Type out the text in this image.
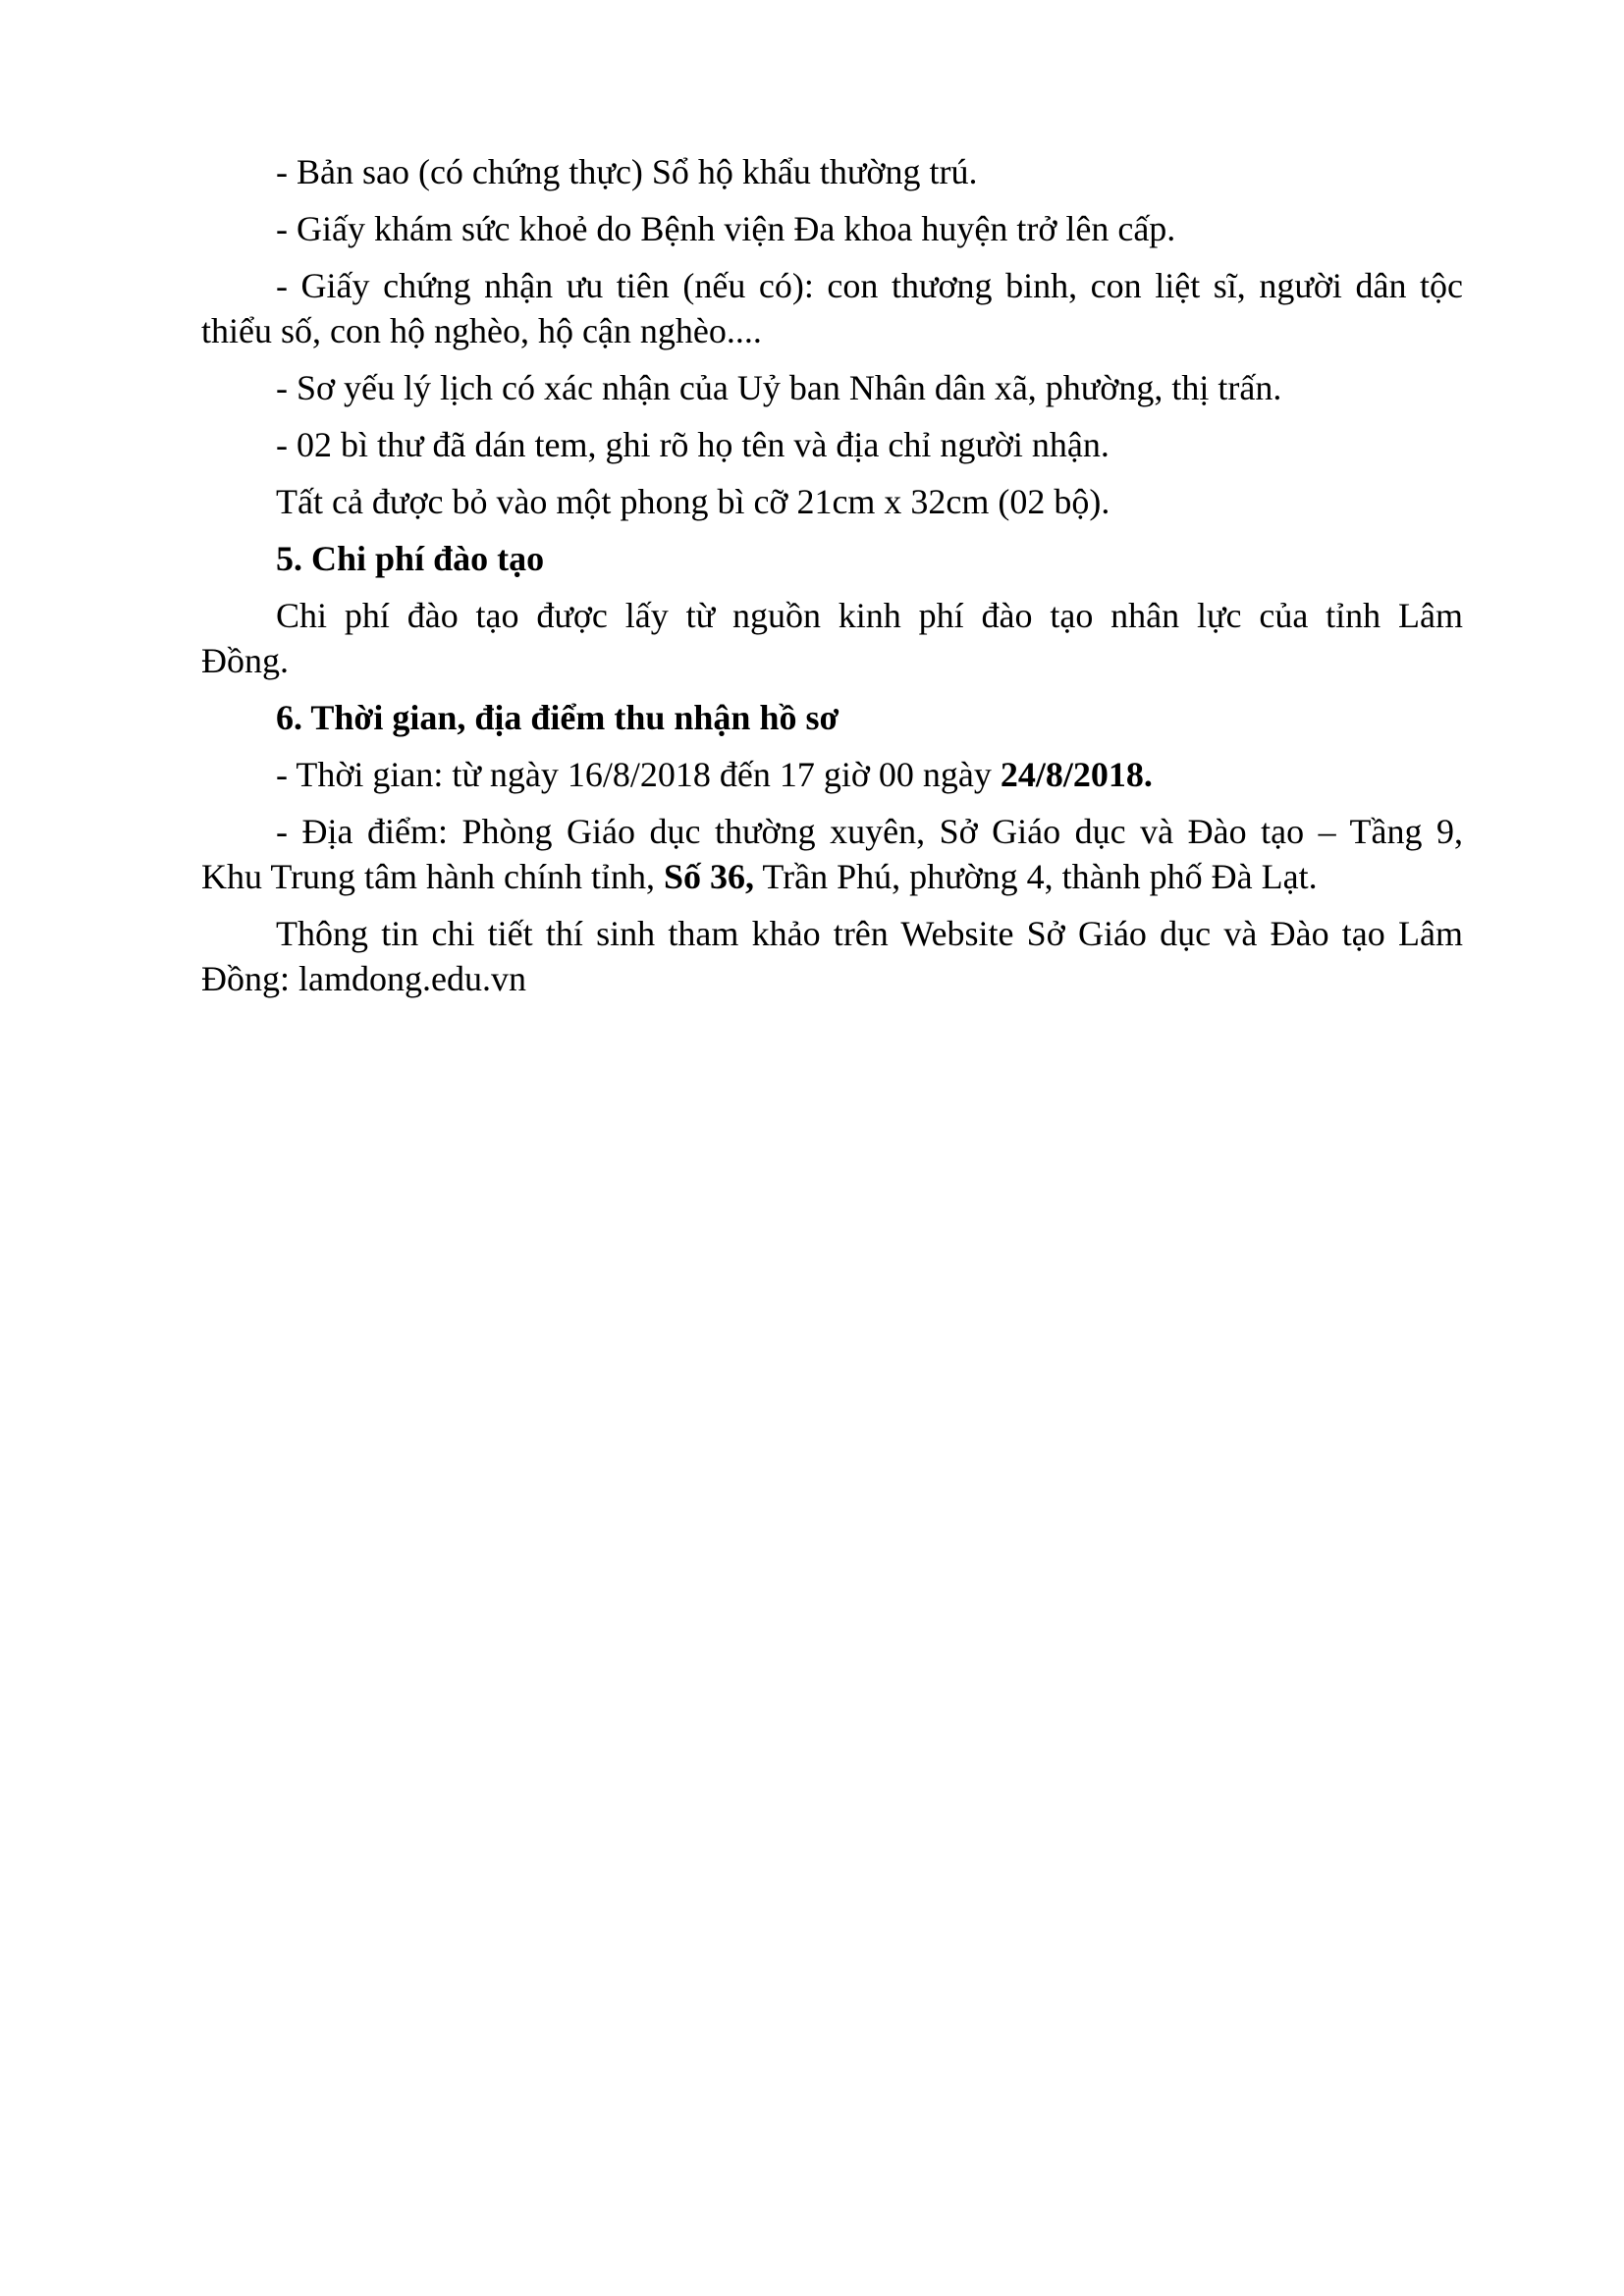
- Bản sao (có chứng thực) Sổ hộ khẩu thường trú.

- Giấy khám sức khoẻ do Bệnh viện Đa khoa huyện trở lên cấp.

- Giấy chứng nhận ưu tiên (nếu có): con thương binh, con liệt sĩ, người dân tộc
thiểu số, con hộ nghèo, hộ cận nghèo....

- Sơ yếu lý lịch có xác nhận của Uỷ ban Nhân dân xã, phường, thị trấn.

- 02 bì thư đã dán tem, ghi rõ họ tên và địa chỉ người nhận.

Tất cả được bỏ vào một phong bì cỡ 21cm x 32cm (02 bộ).

5. Chi phí đào tạo

Chi phí đào tạo được lấy từ nguồn kinh phí đào tạo nhân lực của tỉnh Lâm
Đồng.

6. Thời gian, địa điểm thu nhận hồ sơ

- Thời gian: từ ngày 16/8/2018 đến 17 giờ 00 ngày 24/8/2018.

- Địa điểm: Phòng Giáo dục thường xuyên, Sở Giáo dục và Đào tạo – Tầng 9,
Khu Trung tâm hành chính tỉnh, Số 36, Trần Phú, phường 4, thành phố Đà Lạt.

Thông tin chi tiết thí sinh tham khảo trên Website Sở Giáo dục và Đào tạo Lâm
Đồng: lamdong.edu.vn
